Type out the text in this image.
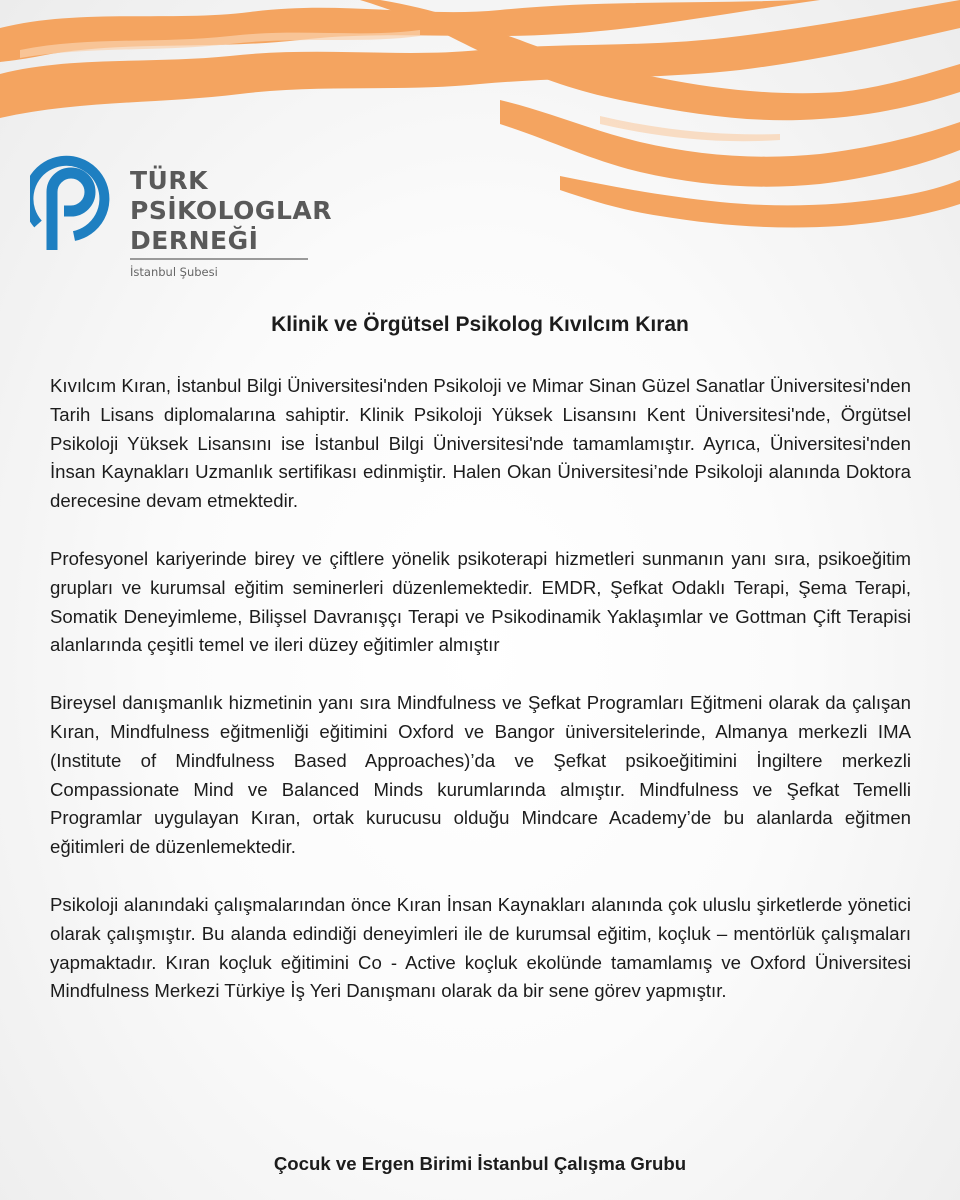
TÜRK
PSİKOLOGLAR
DERNEĞİ
İstanbul Şubesi
Klinik ve Örgütsel Psikolog Kıvılcım Kıran

Kıvılcım Kıran, İstanbul Bilgi Üniversitesi'nden Psikoloji ve Mimar Sinan Güzel Sanatlar Üniversitesi'nden Tarih Lisans diplomalarına sahiptir. Klinik Psikoloji Yüksek Lisansını Kent Üniversitesi'nde, Örgütsel Psikoloji Yüksek Lisansını ise İstanbul Bilgi Üniversitesi'nde tamamlamıştır. Ayrıca, Üniversitesi'nden İnsan Kaynakları Uzmanlık sertifikası edinmiştir. Halen Okan Üniversitesi’nde Psikoloji alanında Doktora derecesine devam etmektedir.

Profesyonel kariyerinde birey ve çiftlere yönelik psikoterapi hizmetleri sunmanın yanı sıra, psikoeğitim grupları ve kurumsal eğitim seminerleri düzenlemektedir. EMDR, Şefkat Odaklı Terapi, Şema Terapi, Somatik Deneyimleme, Bilişsel Davranışçı Terapi ve Psikodinamik Yaklaşımlar ve Gottman Çift Terapisi alanlarında çeşitli temel ve ileri düzey eğitimler almıştır

Bireysel danışmanlık hizmetinin yanı sıra Mindfulness ve Şefkat Programları Eğitmeni olarak da çalışan Kıran, Mindfulness eğitmenliği eğitimini Oxford ve Bangor üniversitelerinde, Almanya merkezli IMA (Institute of Mindfulness Based Approaches)’da ve Şefkat psikoeğitimini İngiltere merkezli Compassionate Mind ve Balanced Minds kurumlarında almıştır. Mindfulness ve Şefkat Temelli Programlar uygulayan Kıran, ortak kurucusu olduğu Mindcare Academy’de bu alanlarda eğitmen eğitimleri de düzenlemektedir.

Psikoloji alanındaki çalışmalarından önce Kıran İnsan Kaynakları alanında çok uluslu şirketlerde yönetici olarak çalışmıştır. Bu alanda edindiği deneyimleri ile de kurumsal eğitim, koçluk – mentörlük çalışmaları yapmaktadır. Kıran koçluk eğitimini Co - Active koçluk ekolünde tamamlamış ve Oxford Üniversitesi Mindfulness Merkezi Türkiye İş Yeri Danışmanı olarak da bir sene görev yapmıştır.

Çocuk ve Ergen Birimi İstanbul Çalışma Grubu
